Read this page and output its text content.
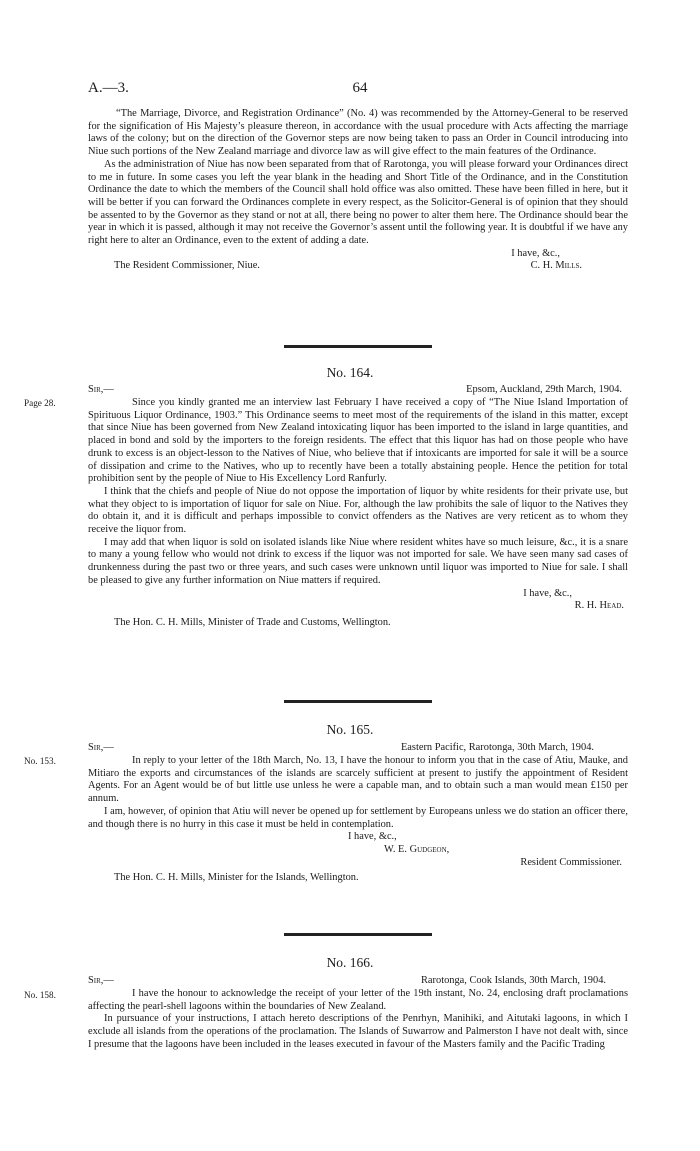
A.—3.	64

“The Marriage, Divorce, and Registration Ordinance” (No. 4) was recommended by the Attorney-General to be reserved for the signification of His Majesty’s pleasure thereon, in accordance with the usual procedure with Acts affecting the marriage laws of the colony; but on the direction of the Governor steps are now being taken to pass an Order in Council introducing into Niue such portions of the New Zealand marriage and divorce law as will give effect to the main features of the Ordinance.

As the administration of Niue has now been separated from that of Rarotonga, you will please forward your Ordinances direct to me in future. In some cases you left the year blank in the heading and Short Title of the Ordinance, and in the Constitution Ordinance the date to which the members of the Council shall hold office was also omitted. These have been filled in here, but it will be better if you can forward the Ordinances complete in every respect, as the Solicitor-General is of opinion that they should be assented to by the Governor as they stand or not at all, there being no power to alter them here. The Ordinance should bear the year in which it is passed, although it may not receive the Governor’s assent until the following year. It is doubtful if we have any right here to alter an Ordinance, even to the extent of adding a date.

I have, &c.,
The Resident Commissioner, Niue.	C. H. Mills.
No. 164.
Page 28.
Sir,—	Epsom, Auckland, 29th March, 1904.

Since you kindly granted me an interview last February I have received a copy of “The Niue Island Importation of Spirituous Liquor Ordinance, 1903.” This Ordinance seems to meet most of the requirements of the island in this matter, except that since Niue has been governed from New Zealand intoxicating liquor has been imported to the island in large quantities, and placed in bond and sold by the importers to the foreign residents. The effect that this liquor has had on those people who have drunk to excess is an object-lesson to the Natives of Niue, who believe that if intoxicants are imported for sale it will be a source of dissipation and crime to the Natives, who up to recently have been a totally abstaining people. Hence the petition for total prohibition sent by the people of Niue to His Excellency Lord Ranfurly.

I think that the chiefs and people of Niue do not oppose the importation of liquor by white residents for their private use, but what they object to is importation of liquor for sale on Niue. For, although the law prohibits the sale of liquor to the Natives they do obtain it, and it is difficult and perhaps impossible to convict offenders as the Natives are very reticent as to whom they receive the liquor from.

I may add that when liquor is sold on isolated islands like Niue where resident whites have so much leisure, &c., it is a snare to many a young fellow who would not drink to excess if the liquor was not imported for sale. We have seen many sad cases of drunkenness during the past two or three years, and such cases were unknown until liquor was imported to Niue for sale. I shall be pleased to give any further information on Niue matters if required.

I have, &c.,
R. H. Head.
The Hon. C. H. Mills, Minister of Trade and Customs, Wellington.
No. 165.
No. 153.
Sir,—	Eastern Pacific, Rarotonga, 30th March, 1904.

In reply to your letter of the 18th March, No. 13, I have the honour to inform you that in the case of Atiu, Mauke, and Mitiaro the exports and circumstances of the islands are scarcely sufficient at present to justify the appointment of Resident Agents. For an Agent would be of but little use unless he were a capable man, and to obtain such a man would mean £150 per annum.

I am, however, of opinion that Atiu will never be opened up for settlement by Europeans unless we do station an officer there, and though there is no hurry in this case it must be held in contemplation.

I have, &c.,
W. E. Gudgeon,
Resident Commissioner.
The Hon. C. H. Mills, Minister for the Islands, Wellington.
No. 166.
No. 158.
Sir,—	Rarotonga, Cook Islands, 30th March, 1904.

I have the honour to acknowledge the receipt of your letter of the 19th instant, No. 24, enclosing draft proclamations affecting the pearl-shell lagoons within the boundaries of New Zealand.

In pursuance of your instructions, I attach hereto descriptions of the Penrhyn, Manihiki, and Aitutaki lagoons, in which I exclude all islands from the operations of the proclamation. The Islands of Suwarrow and Palmerston I have not dealt with, since I presume that the lagoons have been included in the leases executed in favour of the Masters family and the Pacific Trading
